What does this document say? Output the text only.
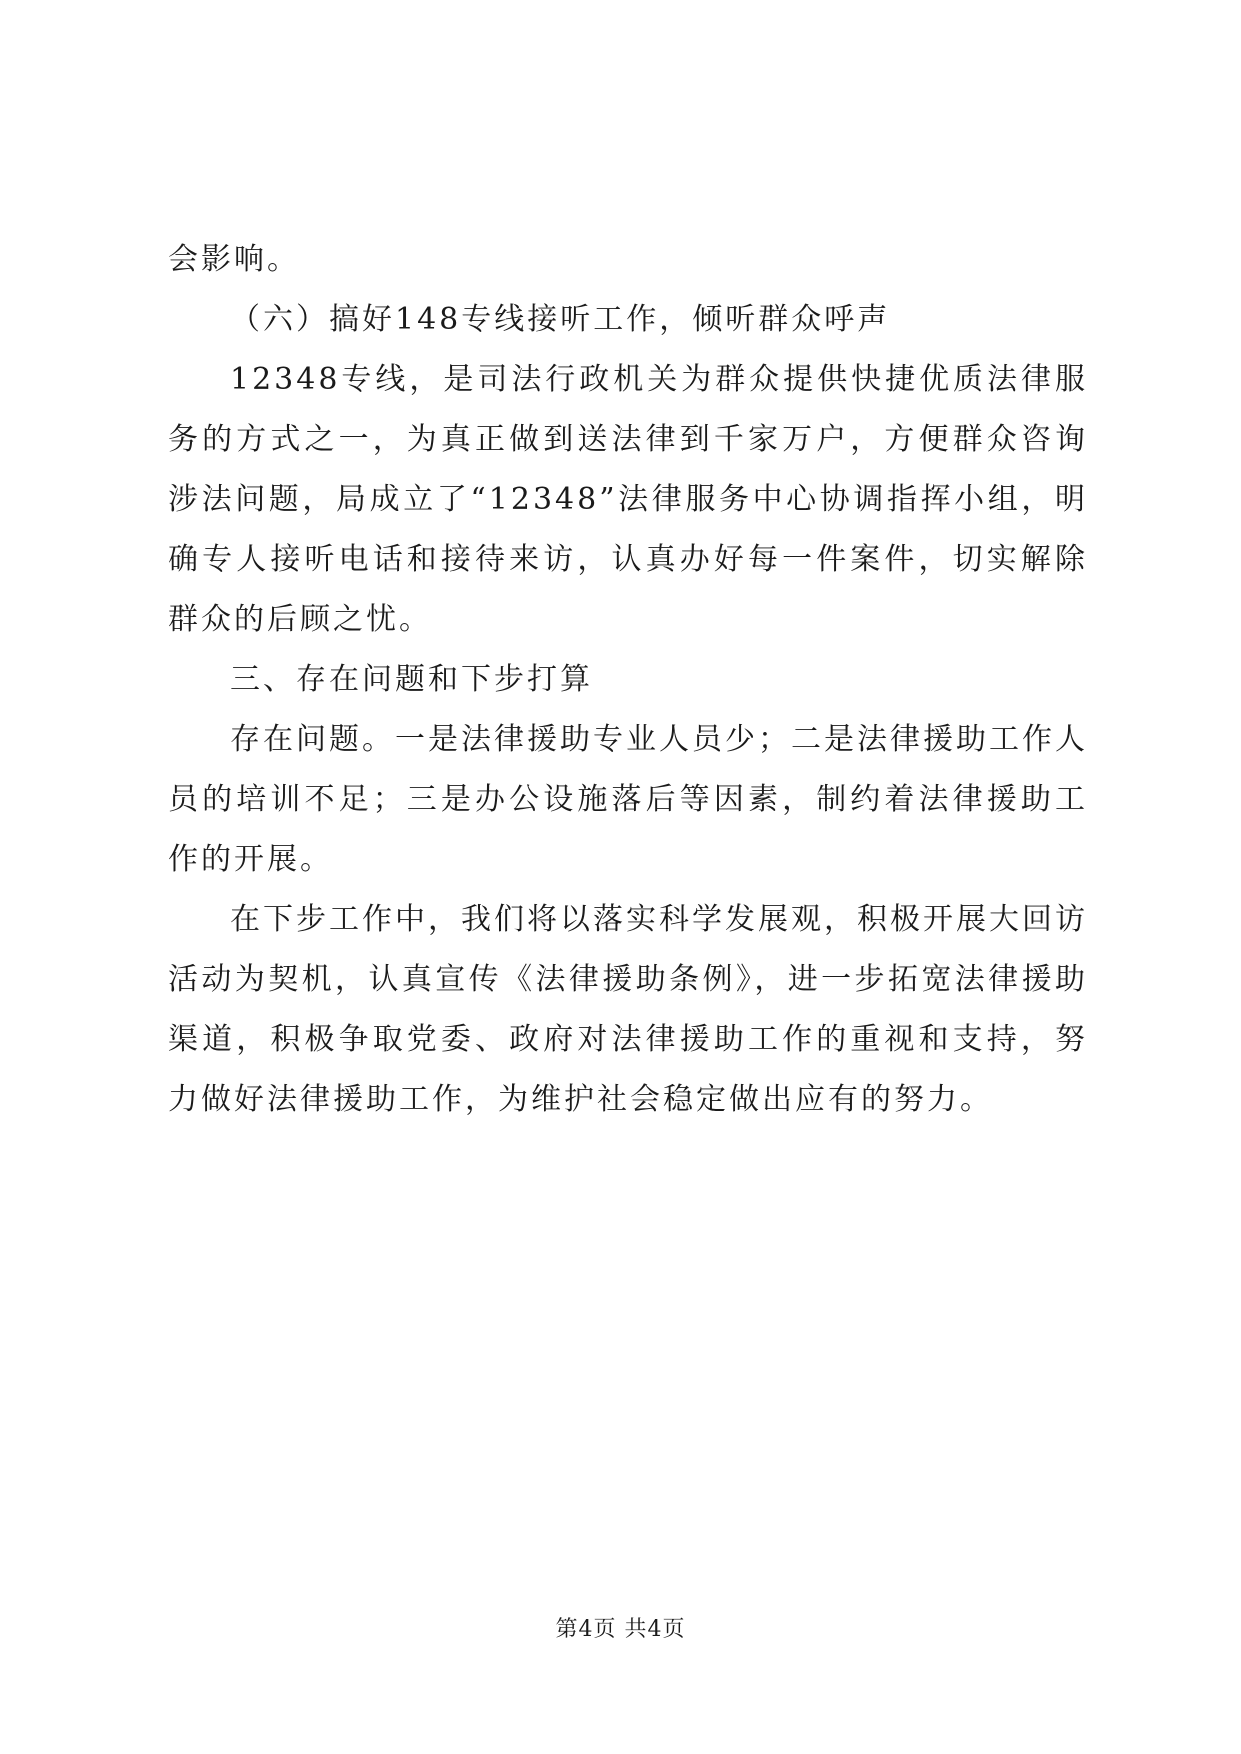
会影响。

（六）搞好148专线接听工作，倾听群众呼声

12348专线，是司法行政机关为群众提供快捷优质法律服务的方式之一，为真正做到送法律到千家万户，方便群众咨询涉法问题，局成立了“12348”法律服务中心协调指挥小组，明确专人接听电话和接待来访，认真办好每一件案件，切实解除群众的后顾之忧。

三、存在问题和下步打算

存在问题。一是法律援助专业人员少；二是法律援助工作人员的培训不足；三是办公设施落后等因素，制约着法律援助工作的开展。

在下步工作中，我们将以落实科学发展观，积极开展大回访活动为契机，认真宣传《法律援助条例》，进一步拓宽法律援助渠道，积极争取党委、政府对法律援助工作的重视和支持，努力做好法律援助工作，为维护社会稳定做出应有的努力。

第4页 共4页
